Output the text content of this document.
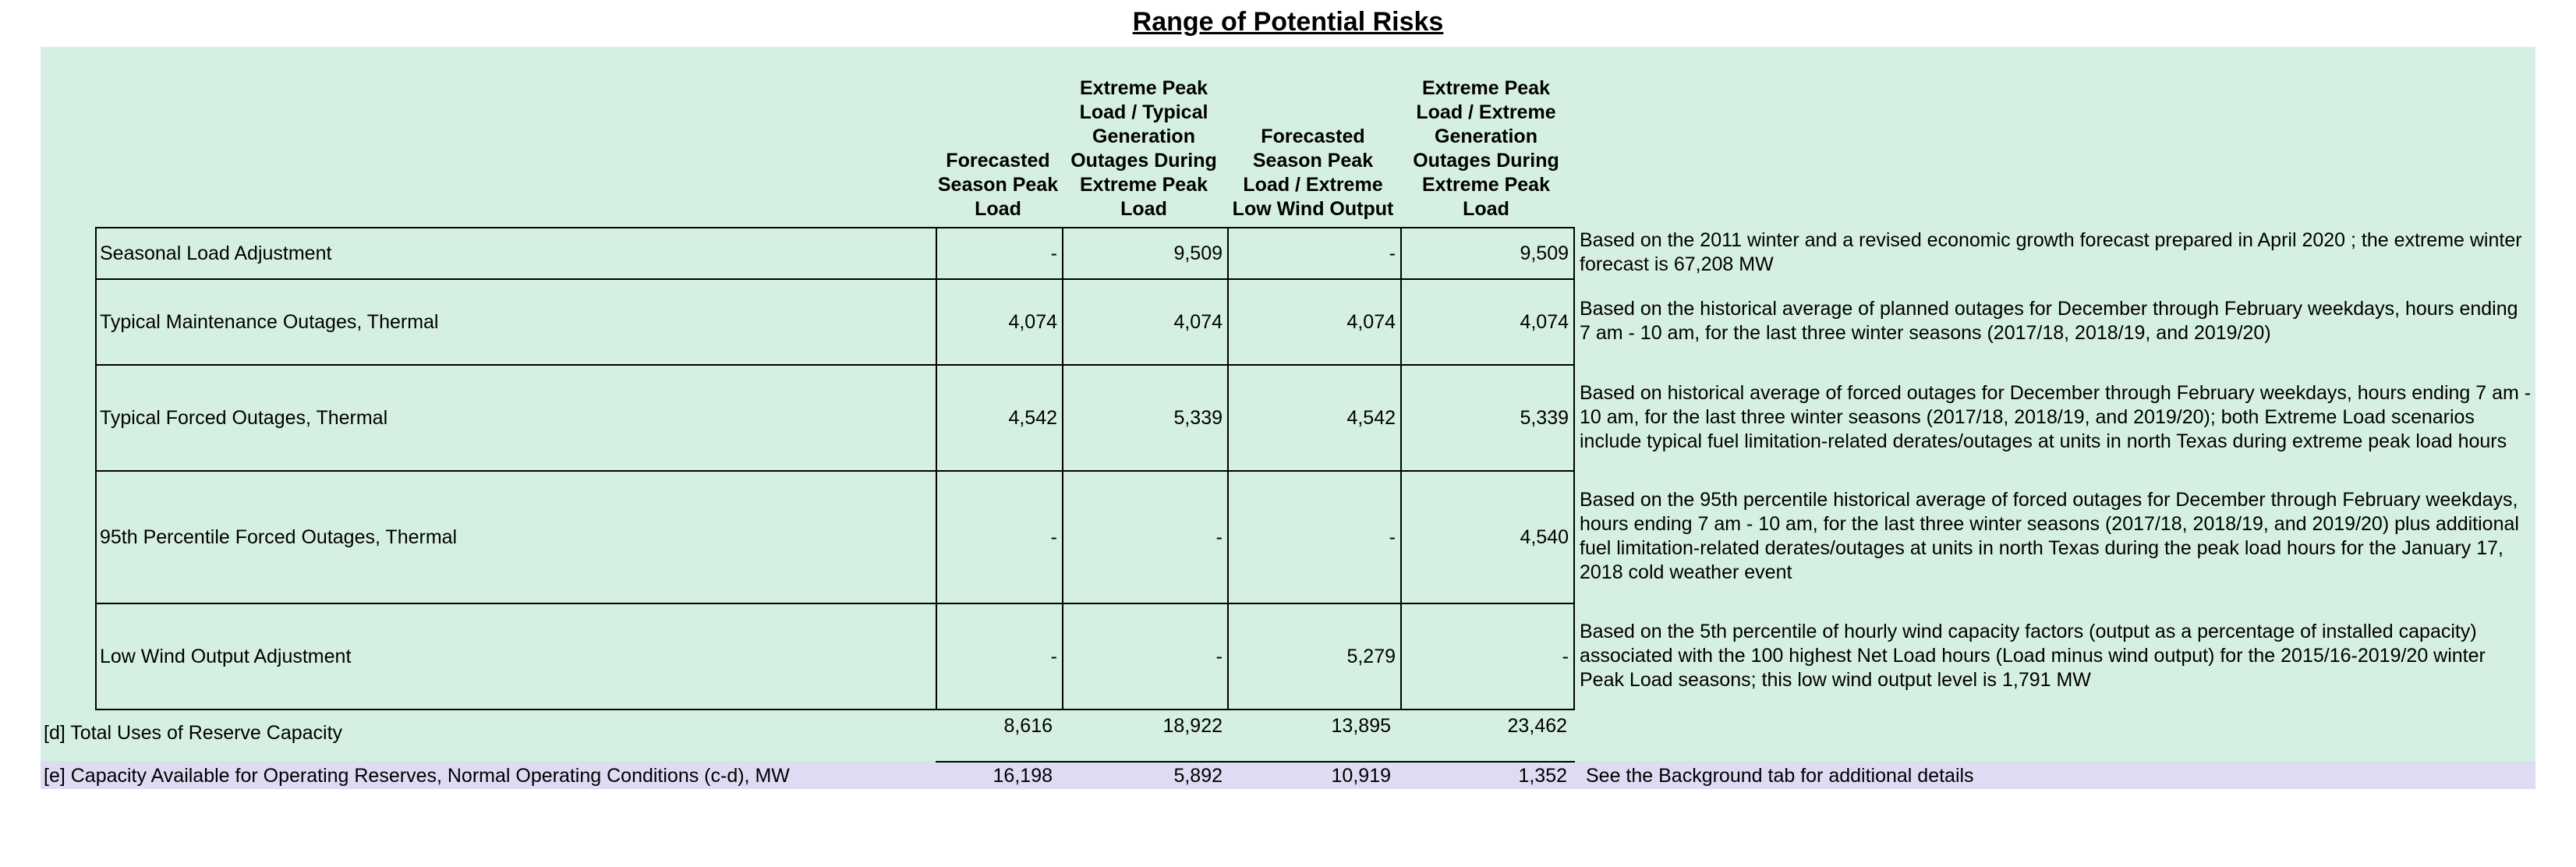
Range of Potential Risks
Forecasted Season Peak Load
Extreme Peak Load / Typical Generation Outages During Extreme Peak Load
Forecasted Season Peak Load / Extreme Low Wind Output
Extreme Peak Load / Extreme Generation Outages During Extreme Peak Load
Seasonal Load Adjustment	-	9,509	-	9,509
Typical Maintenance Outages, Thermal	4,074	4,074	4,074	4,074
Typical Forced Outages, Thermal	4,542	5,339	4,542	5,339
95th Percentile Forced Outages, Thermal	-	-	-	4,540
Low Wind Output Adjustment	-	-	5,279	-
Based on the 2011 winter and a revised economic growth forecast prepared in April 2020 ; the extreme winter forecast is 67,208 MW
Based on the historical average of planned outages for December through February weekdays, hours ending 7 am - 10 am, for the last three winter seasons (2017/18, 2018/19, and 2019/20)
Based on historical average of forced outages for December through February weekdays, hours ending 7 am - 10 am, for the last three winter seasons (2017/18, 2018/19, and 2019/20); both Extreme Load scenarios include typical fuel limitation-related derates/outages at units in north Texas during extreme peak load hours
Based on the 95th percentile historical average of forced outages for December through February weekdays, hours ending 7 am - 10 am, for the last three winter seasons (2017/18, 2018/19, and 2019/20) plus additional fuel limitation-related derates/outages at units in north Texas during the peak load hours for the January 17, 2018 cold weather event
Based on the 5th percentile of hourly wind capacity factors (output as a percentage of installed capacity) associated with the 100 highest Net Load hours (Load minus wind output) for the 2015/16-2019/20 winter Peak Load seasons; this low wind output level is 1,791 MW
[d] Total Uses of Reserve Capacity	8,616	18,922	13,895	23,462
[e] Capacity Available for Operating Reserves, Normal Operating Conditions (c-d), MW	16,198	5,892	10,919	1,352 See the Background tab for additional details
